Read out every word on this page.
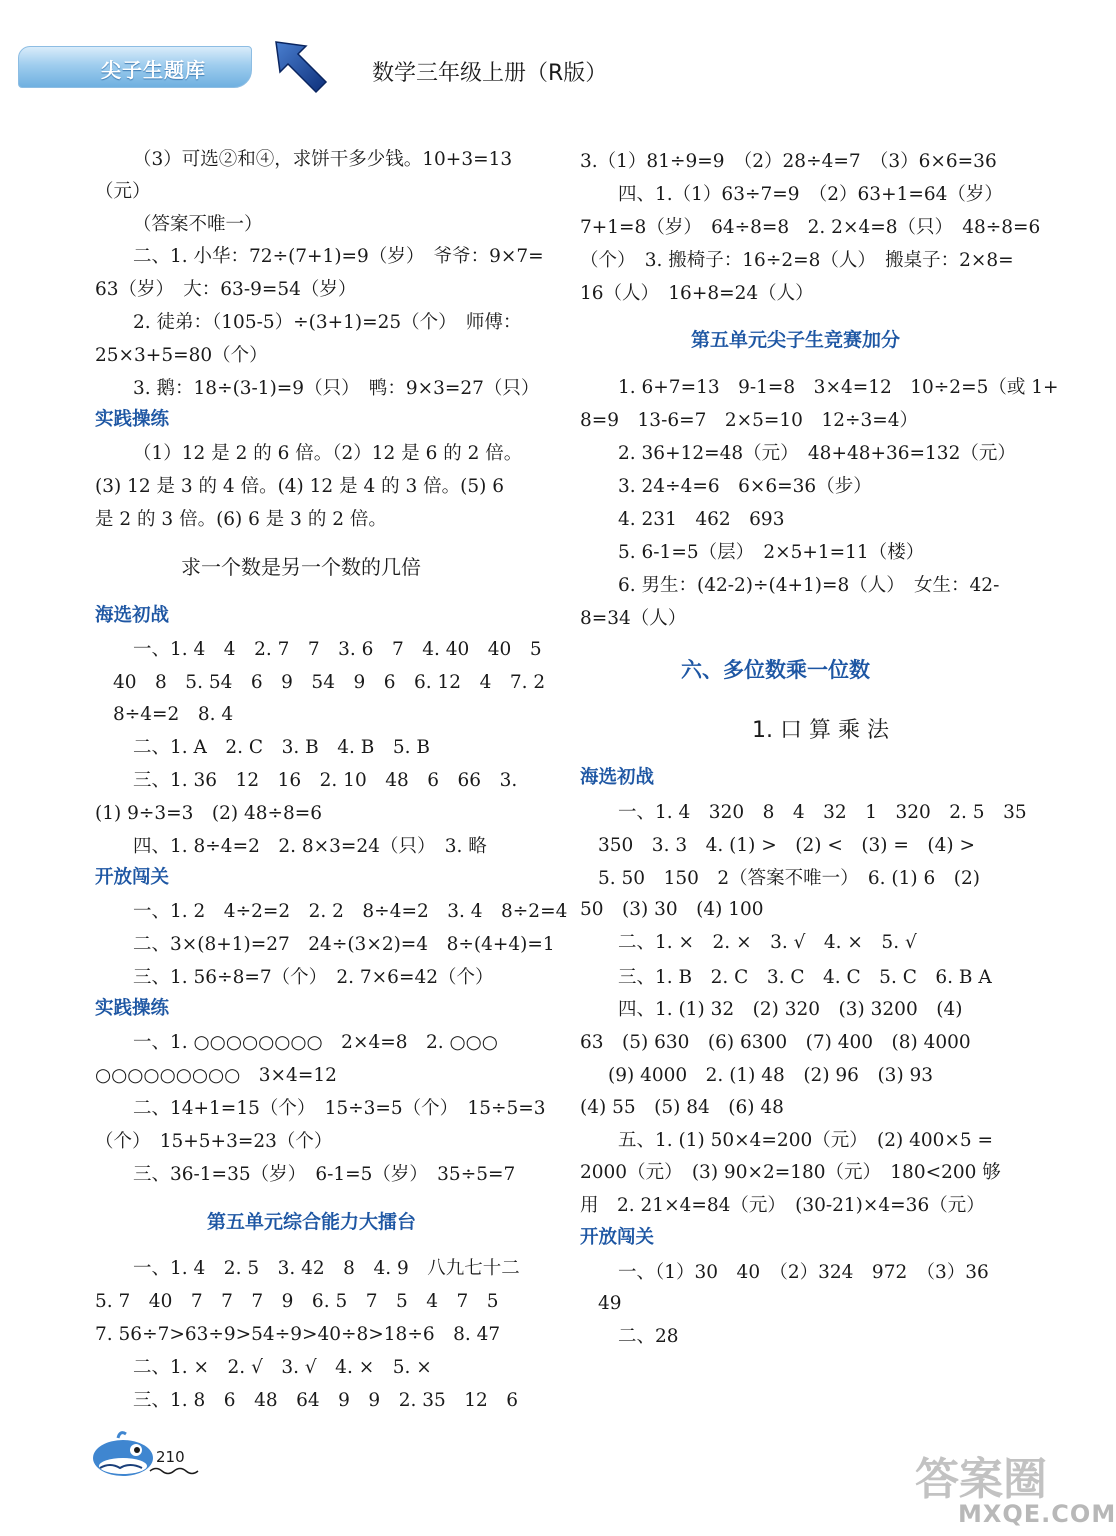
尖子生题库	数学三年级上册（R版）
（3）可选②和④，求饼干多少钱。10+3=13
（元）
（答案不唯一）
二、1. 小华：72÷(7+1)=9（岁）　爷爷：9×7=
63（岁）　大：63-9=54（岁）
2. 徒弟：（105-5）÷(3+1)=25（个）　师傅：
25×3+5=80（个）
3. 鹅：18÷(3-1)=9（只）　鸭：9×3=27（只）
实践操练
（1）12 是 2 的 6 倍。（2）12 是 6 的 2 倍。
(3) 12 是 3 的 4 倍。(4) 12 是 4 的 3 倍。(5) 6
是 2 的 3 倍。(6) 6 是 3 的 2 倍。
求一个数是另一个数的几倍
海选初战
一、1. 4　4　2. 7　7　3. 6　7　4. 40　40　5
40　8　5. 54　6　9　54　9　6　6. 12　4　7. 2
8÷4=2　8. 4
二、1. A　2. C　3. B　4. B　5. B
三、1. 36　12　16　2. 10　48　6　66　3.
(1) 9÷3=3　(2) 48÷8=6
四、1. 8÷4=2　2. 8×3=24（只）　3. 略
开放闯关
一、1. 2　4÷2=2　2. 2　8÷4=2　3. 4　8÷2=4
二、3×(8+1)=27　24÷(3×2)=4　8÷(4+4)=1
三、1. 56÷8=7（个）　2. 7×6=42（个）
实践操练
一、1. ○○○○○○○○　2×4=8　2. ○○○
○○○○○○○○○　3×4=12
二、14+1=15（个）　15÷3=5（个）　15÷5=3
（个）　15+5+3=23（个）
三、36-1=35（岁）　6-1=5（岁）　35÷5=7
第五单元综合能力大擂台
一、1. 4　2. 5　3. 42　8　4. 9　八九七十二
5. 7　40　7　7　7　9　6. 5　7　5　4　7　5
7. 56÷7>63÷9>54÷9>40÷8>18÷6　8. 47
二、1. ×　2. √　3. √　4. ×　5. ×
三、1. 8　6　48　64　9　9　2. 35　12　6
3.（1）81÷9=9　（2）28÷4=7　（3）6×6=36
四、1.（1）63÷7=9　（2）63+1=64（岁）
7+1=8（岁）　64÷8=8　2. 2×4=8（只）　48÷8=6
（个）　3. 搬椅子：16÷2=8（人）　搬桌子：2×8=
16（人）　16+8=24（人）
第五单元尖子生竞赛加分
1. 6+7=13　9-1=8　3×4=12　10÷2=5（或 1+
8=9　13-6=7　2×5=10　12÷3=4）
2. 36+12=48（元）　48+48+36=132（元）
3. 24÷4=6　6×6=36（步）
4. 231　462　693
5. 6-1=5（层）　2×5+1=11（楼）
6. 男生：(42-2)÷(4+1)=8（人）　女生：42-
8=34（人）
六、多位数乘一位数
1. 口 算 乘 法
海选初战
一、1. 4　320　8　4　32　1　320　2. 5　35
350　3. 3　4. (1) >　(2) <　(3) =　(4) >
5. 50　150　2（答案不唯一）　6. (1) 6　(2)
50　(3) 30　(4) 100
二、1. ×　2. ×　3. √　4. ×　5. √
三、1. B　2. C　3. C　4. C　5. C　6. B A
四、1. (1) 32　(2) 320　(3) 3200　(4)
63　(5) 630　(6) 6300　(7) 400　(8) 4000
(9) 4000　2. (1) 48　(2) 96　(3) 93
(4) 55　(5) 84　(6) 48
五、1. (1) 50×4=200（元）　(2) 400×5 =
2000（元）　(3) 90×2=180（元）　180<200 够
用　2. 21×4=84（元）　(30-21)×4=36（元）
开放闯关
一、（1）30　40　（2）324　972　（3）36
49
二、28
210	答案圈
MXQE.COM
